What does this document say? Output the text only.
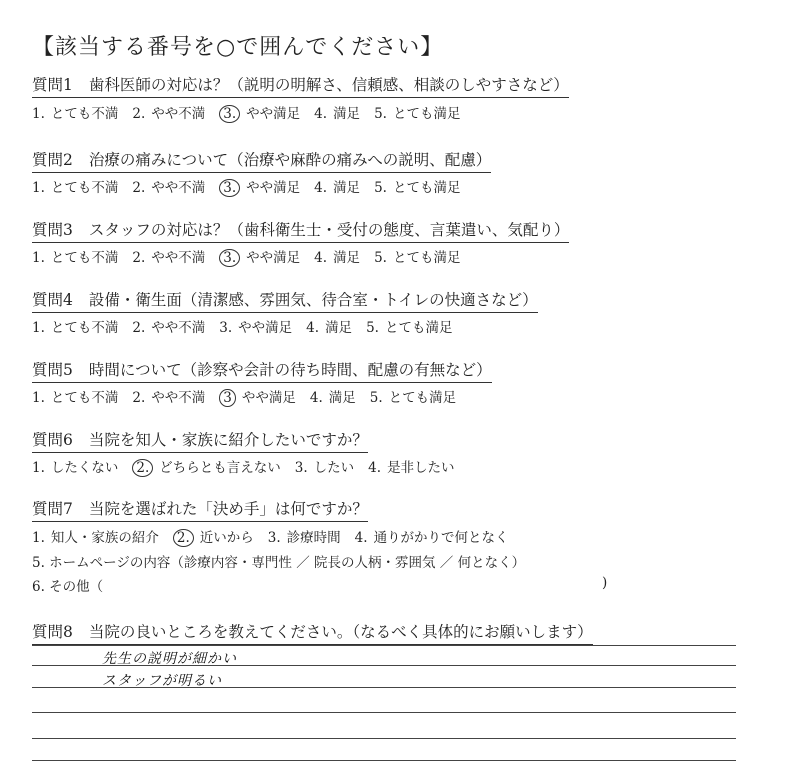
【該当する番号を○で囲んでください】
質問1 歯科医師の対応は？（説明の明解さ、信頼感、相談のしやすさなど）
1. とても不満 2. やや不満 3. やや満足 4. 満足 5. とても満足
質問2 治療の痛みについて（治療や麻酔の痛みへの説明、配慮）
1. とても不満 2. やや不満 3. やや満足 4. 満足 5. とても満足
質問3 スタッフの対応は？（歯科衛生士・受付の態度、言葉遣い、気配り）
1. とても不満 2. やや不満 3. やや満足 4. 満足 5. とても満足
質問4 設備・衛生面（清潔感、雰囲気、待合室・トイレの快適さなど）
1. とても不満 2. やや不満 3. やや満足 4. 満足 5. とても満足
質問5 時間について（診察や会計の待ち時間、配慮の有無など）
1. とても不満 2. やや不満 3 やや満足 4. 満足 5. とても満足
質問6 当院を知人・家族に紹介したいですか？
1. したくない 2. どちらとも言えない 3. したい 4. 是非したい
質問7 当院を選ばれた「決め手」は何ですか？
1. 知人・家族の紹介 2. 近いから 3. 診療時間 4. 通りがかりで何となく
5. ホームページの内容（診療内容・専門性 ／ 院長の人柄・雰囲気 ／ 何となく）
6. その他（	)
質問8 当院の良いところを教えてください。（なるべく具体的にお願いします）
先生の説明が細かい
スタッフが明るい
